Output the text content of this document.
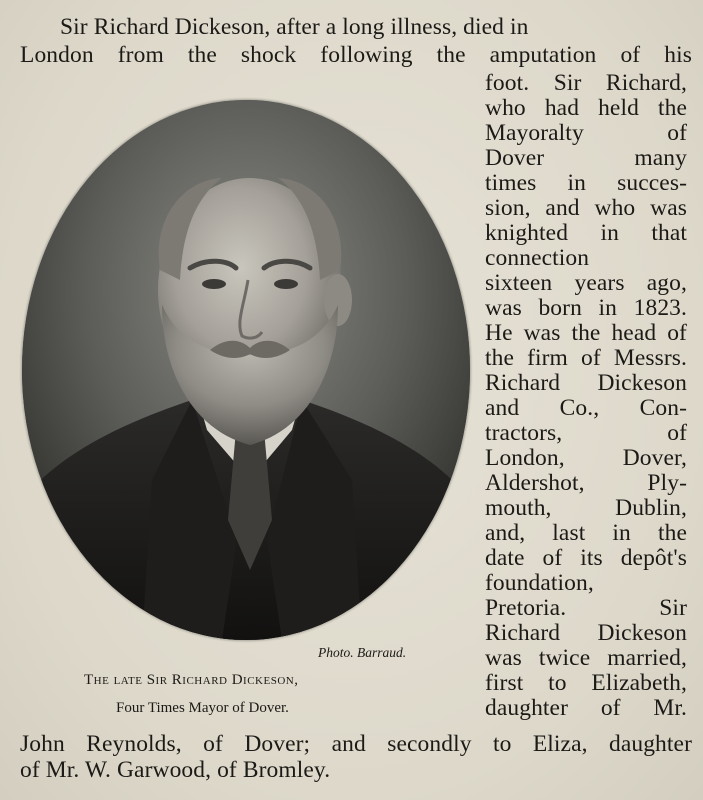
Sir Richard Dickeson, after a long illness, died in
London from the shock following the amputation of his
foot. Sir Richard,
who had held the
Mayoralty of
Dover many
times in succes-
sion, and who was
knighted in that
connection
sixteen years ago,
was born in 1823.
He was the head of
the firm of Messrs.
Richard Dickeson
and Co., Con-
tractors, of
London, Dover,
Aldershot, Ply-
mouth, Dublin,
and, last in the
date of its depôt's
foundation,
Pretoria. Sir
Richard Dickeson
was twice married,
first to Elizabeth,
daughter of Mr.
John Reynolds, of Dover; and secondly to Eliza, daughter
of Mr. W. Garwood, of Bromley.
Photo. Barraud.
The late Sir Richard Dickeson,
Four Times Mayor of Dover.
